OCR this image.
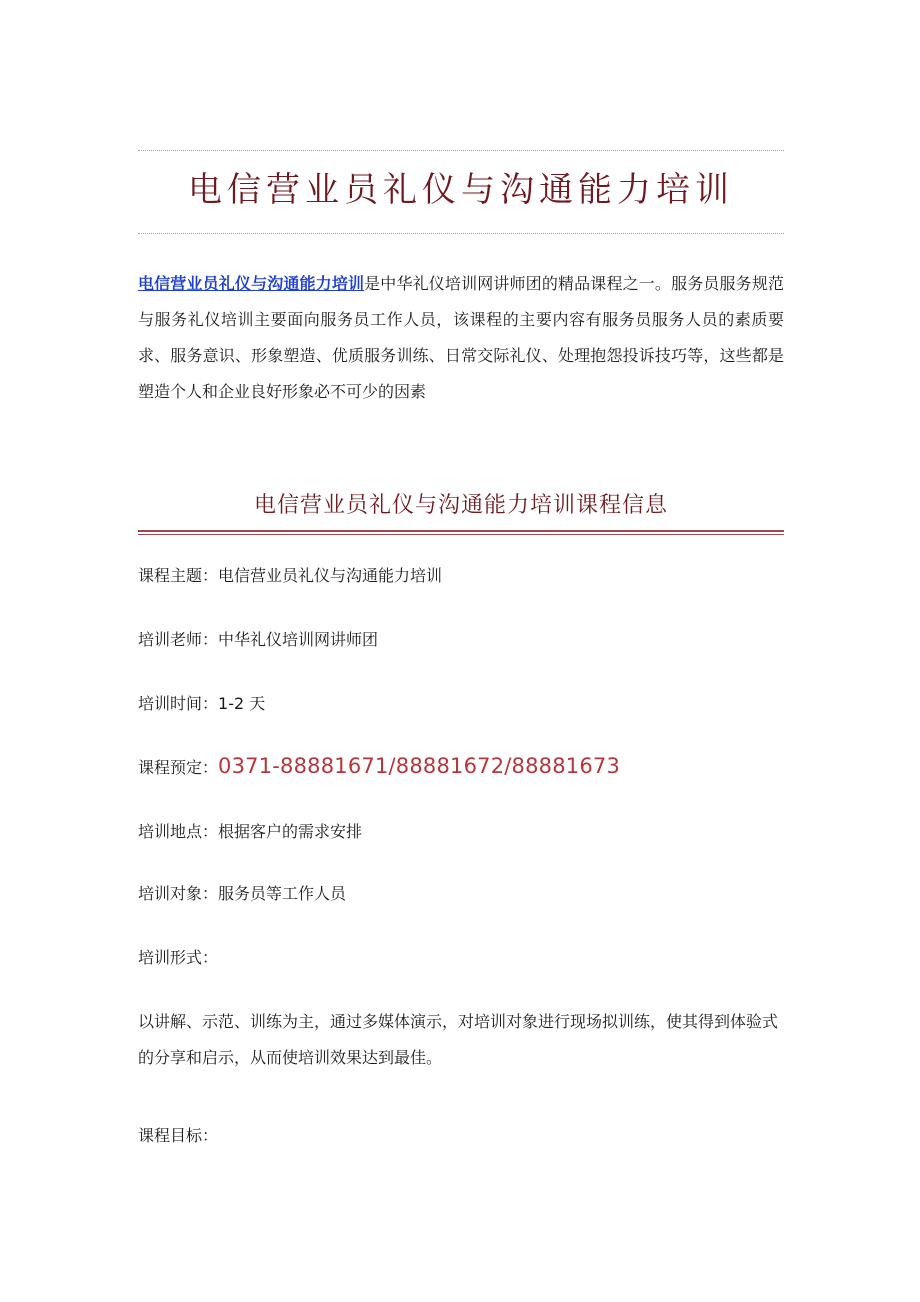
电信营业员礼仪与沟通能力培训

电信营业员礼仪与沟通能力培训是中华礼仪培训网讲师团的精品课程之一。服务员服务规范与服务礼仪培训主要面向服务员工作人员，该课程的主要内容有服务员服务人员的素质要求、服务意识、形象塑造、优质服务训练、日常交际礼仪、处理抱怨投诉技巧等，这些都是塑造个人和企业良好形象必不可少的因素

电信营业员礼仪与沟通能力培训课程信息

课程主题：电信营业员礼仪与沟通能力培训

培训老师：中华礼仪培训网讲师团

培训时间：1-2 天

课程预定：0371-88881671/88881672/88881673

培训地点：根据客户的需求安排

培训对象：服务员等工作人员

培训形式：

以讲解、示范、训练为主，通过多媒体演示，对培训对象进行现场拟训练，使其得到体验式的分享和启示，从而使培训效果达到最佳。

课程目标：
